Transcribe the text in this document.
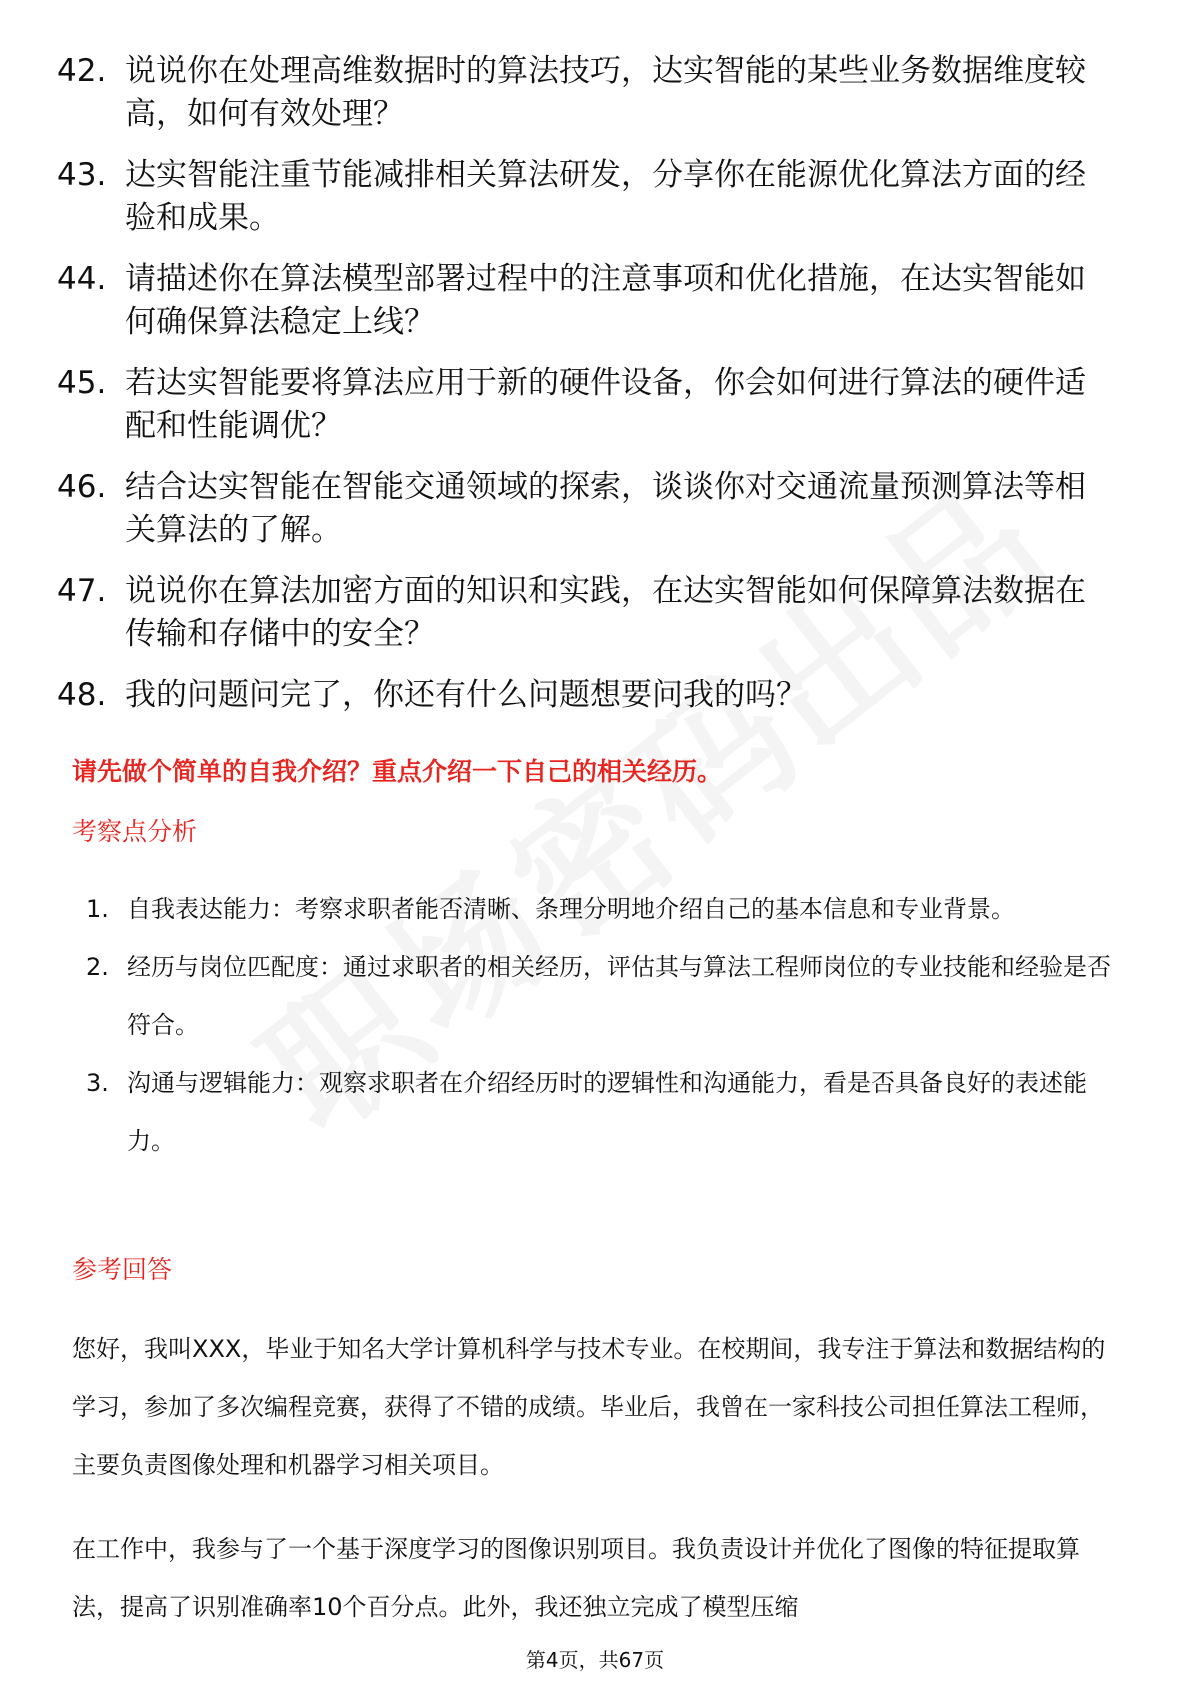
42. 说说你在处理高维数据时的算法技巧，达实智能的某些业务数据维度较高，如何有效处理？
43. 达实智能注重节能减排相关算法研发，分享你在能源优化算法方面的经验和成果。
44. 请描述你在算法模型部署过程中的注意事项和优化措施，在达实智能如何确保算法稳定上线？
45. 若达实智能要将算法应用于新的硬件设备，你会如何进行算法的硬件适配和性能调优？
46. 结合达实智能在智能交通领域的探索，谈谈你对交通流量预测算法等相关算法的了解。
47. 说说你在算法加密方面的知识和实践，在达实智能如何保障算法数据在传输和存储中的安全？
48. 我的问题问完了，你还有什么问题想要问我的吗？
请先做个简单的自我介绍？重点介绍一下自己的相关经历。
考察点分析
1. 自我表达能力：考察求职者能否清晰、条理分明地介绍自己的基本信息和专业背景。
2. 经历与岗位匹配度：通过求职者的相关经历，评估其与算法工程师岗位的专业技能和经验是否符合。
3. 沟通与逻辑能力：观察求职者在介绍经历时的逻辑性和沟通能力，看是否具备良好的表述能力。
参考回答
您好，我叫XXX，毕业于知名大学计算机科学与技术专业。在校期间，我专注于算法和数据结构的学习，参加了多次编程竞赛，获得了不错的成绩。毕业后，我曾在一家科技公司担任算法工程师，主要负责图像处理和机器学习相关项目。
在工作中，我参与了一个基于深度学习的图像识别项目。我负责设计并优化了图像的特征提取算法，提高了识别准确率10个百分点。此外，我还独立完成了模型压缩
第4页，共67页
